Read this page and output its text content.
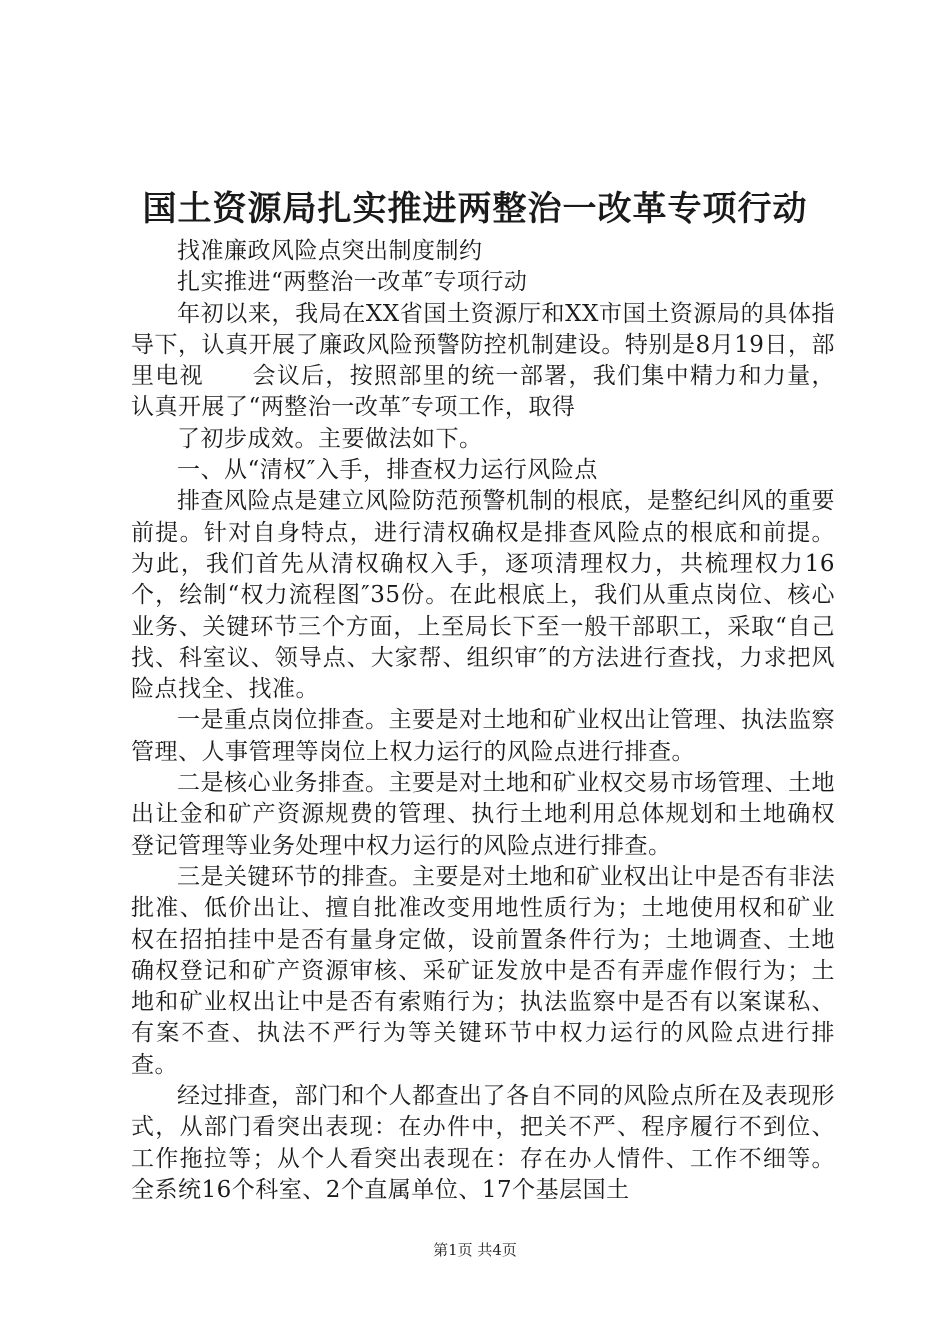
国土资源局扎实推进两整治一改革专项行动

找准廉政风险点突出制度制约

扎实推进“两整治一改革″专项行动

年初以来，我局在XX省国土资源厅和XX市国土资源局的具体指导下，认真开展了廉政风险预警防控机制建设。特别是8月19日，部里电视　　会议后，按照部里的统一部署，我们集中精力和力量，认真开展了“两整治一改革″专项工作，取得

了初步成效。主要做法如下。

一、从“清权″入手，排查权力运行风险点

排查风险点是建立风险防范预警机制的根底，是整纪纠风的重要前提。针对自身特点，进行清权确权是排查风险点的根底和前提。为此，我们首先从清权确权入手，逐项清理权力，共梳理权力16个，绘制“权力流程图″35份。在此根底上，我们从重点岗位、核心业务、关键环节三个方面，上至局长下至一般干部职工，采取“自己找、科室议、领导点、大家帮、组织审″的方法进行查找，力求把风险点找全、找准。

一是重点岗位排查。主要是对土地和矿业权出让管理、执法监察管理、人事管理等岗位上权力运行的风险点进行排查。

二是核心业务排查。主要是对土地和矿业权交易市场管理、土地出让金和矿产资源规费的管理、执行土地利用总体规划和土地确权登记管理等业务处理中权力运行的风险点进行排查。

三是关键环节的排查。主要是对土地和矿业权出让中是否有非法批准、低价出让、擅自批准改变用地性质行为；土地使用权和矿业权在招拍挂中是否有量身定做，设前置条件行为；土地调查、土地确权登记和矿产资源审核、采矿证发放中是否有弄虚作假行为；土地和矿业权出让中是否有索贿行为；执法监察中是否有以案谋私、有案不查、执法不严行为等关键环节中权力运行的风险点进行排查。

经过排查，部门和个人都查出了各自不同的风险点所在及表现形式，从部门看突出表现：在办件中，把关不严、程序履行不到位、工作拖拉等；从个人看突出表现在：存在办人情件、工作不细等。全系统16个科室、2个直属单位、17个基层国土

第1页 共4页
